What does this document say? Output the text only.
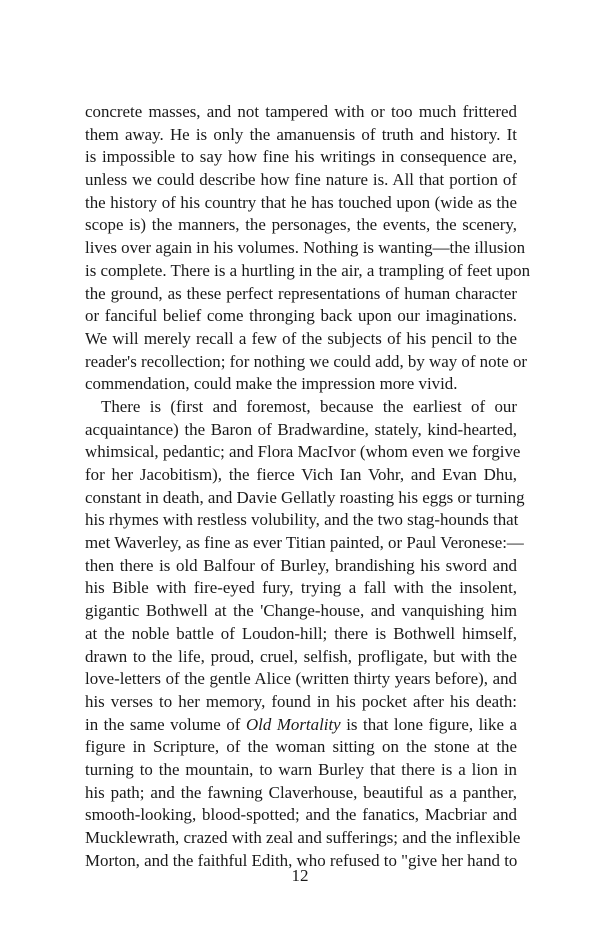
concrete masses, and not tampered with or too much frittered
them away. He is only the amanuensis of truth and history. It
is impossible to say how fine his writings in consequence are,
unless we could describe how fine nature is. All that portion of
the history of his country that he has touched upon (wide as the
scope is) the manners, the personages, the events, the scenery,
lives over again in his volumes. Nothing is wanting—the illusion
is complete. There is a hurtling in the air, a trampling of feet upon
the ground, as these perfect representations of human character
or fanciful belief come thronging back upon our imaginations.
We will merely recall a few of the subjects of his pencil to the
reader's recollection; for nothing we could add, by way of note or
commendation, could make the impression more vivid.
There is (first and foremost, because the earliest of our
acquaintance) the Baron of Bradwardine, stately, kind-hearted,
whimsical, pedantic; and Flora MacIvor (whom even we forgive
for her Jacobitism), the fierce Vich Ian Vohr, and Evan Dhu,
constant in death, and Davie Gellatly roasting his eggs or turning
his rhymes with restless volubility, and the two stag-hounds that
met Waverley, as fine as ever Titian painted, or Paul Veronese:—
then there is old Balfour of Burley, brandishing his sword and
his Bible with fire-eyed fury, trying a fall with the insolent,
gigantic Bothwell at the 'Change-house, and vanquishing him
at the noble battle of Loudon-hill; there is Bothwell himself,
drawn to the life, proud, cruel, selfish, profligate, but with the
love-letters of the gentle Alice (written thirty years before), and
his verses to her memory, found in his pocket after his death:
in the same volume of Old Mortality is that lone figure, like a
figure in Scripture, of the woman sitting on the stone at the
turning to the mountain, to warn Burley that there is a lion in
his path; and the fawning Claverhouse, beautiful as a panther,
smooth-looking, blood-spotted; and the fanatics, Macbriar and
Mucklewrath, crazed with zeal and sufferings; and the inflexible
Morton, and the faithful Edith, who refused to "give her hand to
12
